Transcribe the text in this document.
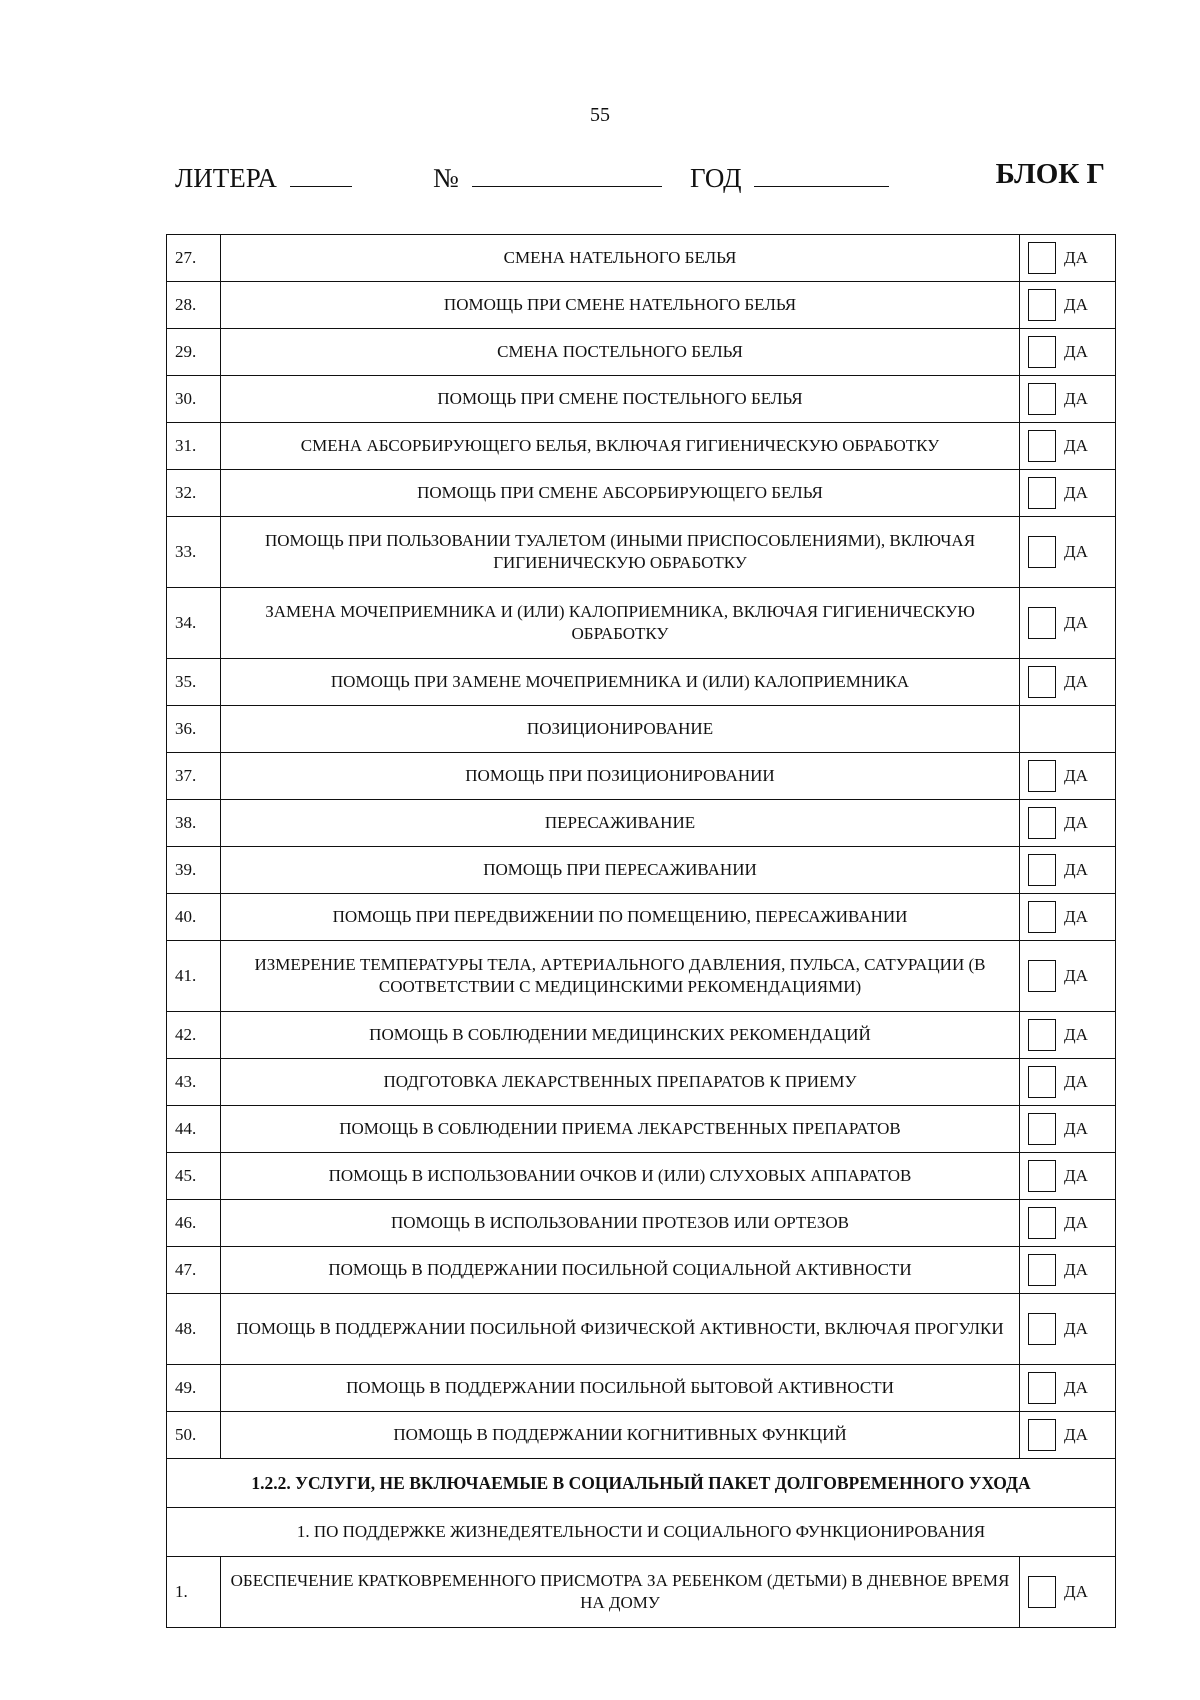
55
ЛИТЕРА	№	ГОД	БЛОК Г
27.	СМЕНА НАТЕЛЬНОГО БЕЛЬЯ	ДА

28.	ПОМОЩЬ ПРИ СМЕНЕ НАТЕЛЬНОГО БЕЛЬЯ	ДА

29.	СМЕНА ПОСТЕЛЬНОГО БЕЛЬЯ	ДА

30.	ПОМОЩЬ ПРИ СМЕНЕ ПОСТЕЛЬНОГО БЕЛЬЯ	ДА

31.	СМЕНА АБСОРБИРУЮЩЕГО БЕЛЬЯ, ВКЛЮЧАЯ ГИГИЕНИЧЕСКУЮ ОБРАБОТКУ	ДА

32.	ПОМОЩЬ ПРИ СМЕНЕ АБСОРБИРУЮЩЕГО БЕЛЬЯ	ДА

33.	ПОМОЩЬ ПРИ ПОЛЬЗОВАНИИ ТУАЛЕТОМ (ИНЫМИ ПРИСПОСОБЛЕНИЯМИ), ВКЛЮЧАЯ ГИГИЕНИЧЕСКУЮ ОБРАБОТКУ	ДА

34.	ЗАМЕНА МОЧЕПРИЕМНИКА И (ИЛИ) КАЛОПРИЕМНИКА, ВКЛЮЧАЯ ГИГИЕНИЧЕСКУЮ ОБРАБОТКУ	ДА

35.	ПОМОЩЬ ПРИ ЗАМЕНЕ МОЧЕПРИЕМНИКА И (ИЛИ) КАЛОПРИЕМНИКА	ДА

36.	ПОЗИЦИОНИРОВАНИЕ	
37.	ПОМОЩЬ ПРИ ПОЗИЦИОНИРОВАНИИ	ДА

38.	ПЕРЕСАЖИВАНИЕ	ДА

39.	ПОМОЩЬ ПРИ ПЕРЕСАЖИВАНИИ	ДА

40.	ПОМОЩЬ ПРИ ПЕРЕДВИЖЕНИИ ПО ПОМЕЩЕНИЮ, ПЕРЕСАЖИВАНИИ	ДА

41.	ИЗМЕРЕНИЕ ТЕМПЕРАТУРЫ ТЕЛА, АРТЕРИАЛЬНОГО ДАВЛЕНИЯ, ПУЛЬСА, САТУРАЦИИ (В СООТВЕТСТВИИ С МЕДИЦИНСКИМИ РЕКОМЕНДАЦИЯМИ)	ДА

42.	ПОМОЩЬ В СОБЛЮДЕНИИ МЕДИЦИНСКИХ РЕКОМЕНДАЦИЙ	ДА

43.	ПОДГОТОВКА ЛЕКАРСТВЕННЫХ ПРЕПАРАТОВ К ПРИЕМУ	ДА

44.	ПОМОЩЬ В СОБЛЮДЕНИИ ПРИЕМА ЛЕКАРСТВЕННЫХ ПРЕПАРАТОВ	ДА

45.	ПОМОЩЬ В ИСПОЛЬЗОВАНИИ ОЧКОВ И (ИЛИ) СЛУХОВЫХ АППАРАТОВ	ДА

46.	ПОМОЩЬ В ИСПОЛЬЗОВАНИИ ПРОТЕЗОВ ИЛИ ОРТЕЗОВ	ДА

47.	ПОМОЩЬ В ПОДДЕРЖАНИИ ПОСИЛЬНОЙ СОЦИАЛЬНОЙ АКТИВНОСТИ	ДА

48.	ПОМОЩЬ В ПОДДЕРЖАНИИ ПОСИЛЬНОЙ ФИЗИЧЕСКОЙ АКТИВНОСТИ, ВКЛЮЧАЯ ПРОГУЛКИ	ДА

49.	ПОМОЩЬ В ПОДДЕРЖАНИИ ПОСИЛЬНОЙ БЫТОВОЙ АКТИВНОСТИ	ДА

50.	ПОМОЩЬ В ПОДДЕРЖАНИИ КОГНИТИВНЫХ ФУНКЦИЙ	ДА

1.2.2. УСЛУГИ, НЕ ВКЛЮЧАЕМЫЕ В СОЦИАЛЬНЫЙ ПАКЕТ ДОЛГОВРЕМЕННОГО УХОДА		
1. ПО ПОДДЕРЖКЕ ЖИЗНЕДЕЯТЕЛЬНОСТИ И СОЦИАЛЬНОГО ФУНКЦИОНИРОВАНИЯ		
1.	ОБЕСПЕЧЕНИЕ КРАТКОВРЕМЕННОГО ПРИСМОТРА ЗА РЕБЕНКОМ (ДЕТЬМИ) В ДНЕВНОЕ ВРЕМЯ НА ДОМУ	ДА
